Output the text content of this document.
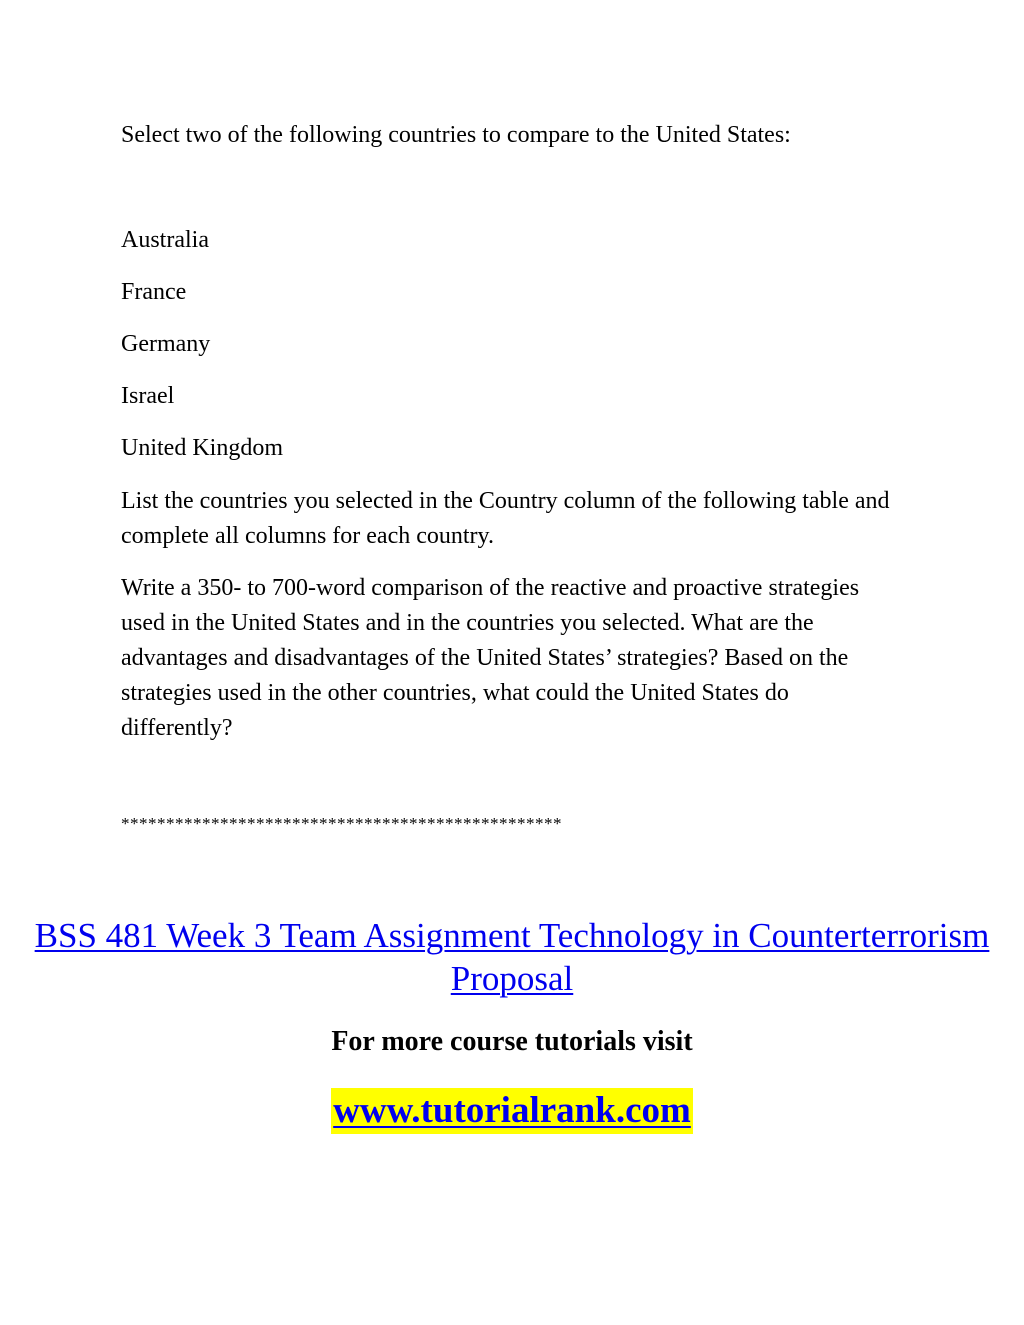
Select two of the following countries to compare to the United States:

Australia

France

Germany

Israel

United Kingdom

List the countries you selected in the Country column of the following table and complete all columns for each country.

Write a 350- to 700-word comparison of the reactive and proactive strategies used in the United States and in the countries you selected. What are the advantages and disadvantages of the United States’ strategies? Based on the strategies used in the other countries, what could the United States do differently?

*************************************************

BSS 481 Week 3 Team Assignment Technology in Counterterrorism Proposal

For more course tutorials visit

www.tutorialrank.com
